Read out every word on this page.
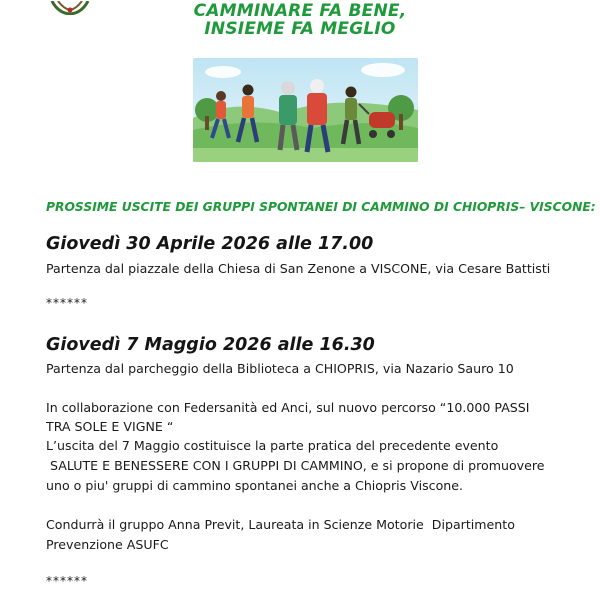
CAMMINARE FA BENE,
INSIEME FA MEGLIO
PROSSIME USCITE DEI GRUPPI SPONTANEI DI CAMMINO DI CHIOPRIS– VISCONE:
Giovedì 30 Aprile 2026 alle 17.00
Partenza dal piazzale della Chiesa di San Zenone a VISCONE, via Cesare Battisti
******
Giovedì 7 Maggio 2026 alle 16.30
Partenza dal parcheggio della Biblioteca a CHIOPRIS, via Nazario Sauro 10
In collaborazione con Federsanità ed Anci, sul nuovo percorso “10.000 PASSI
TRA SOLE E VIGNE “
L’uscita del 7 Maggio costituisce la parte pratica del precedente evento
SALUTE E BENESSERE CON I GRUPPI DI CAMMINO, e si propone di promuovere
uno o piu' gruppi di cammino spontanei anche a Chiopris Viscone.
Condurrà il gruppo Anna Previt, Laureata in Scienze Motorie  Dipartimento
Prevenzione ASUFC
******
